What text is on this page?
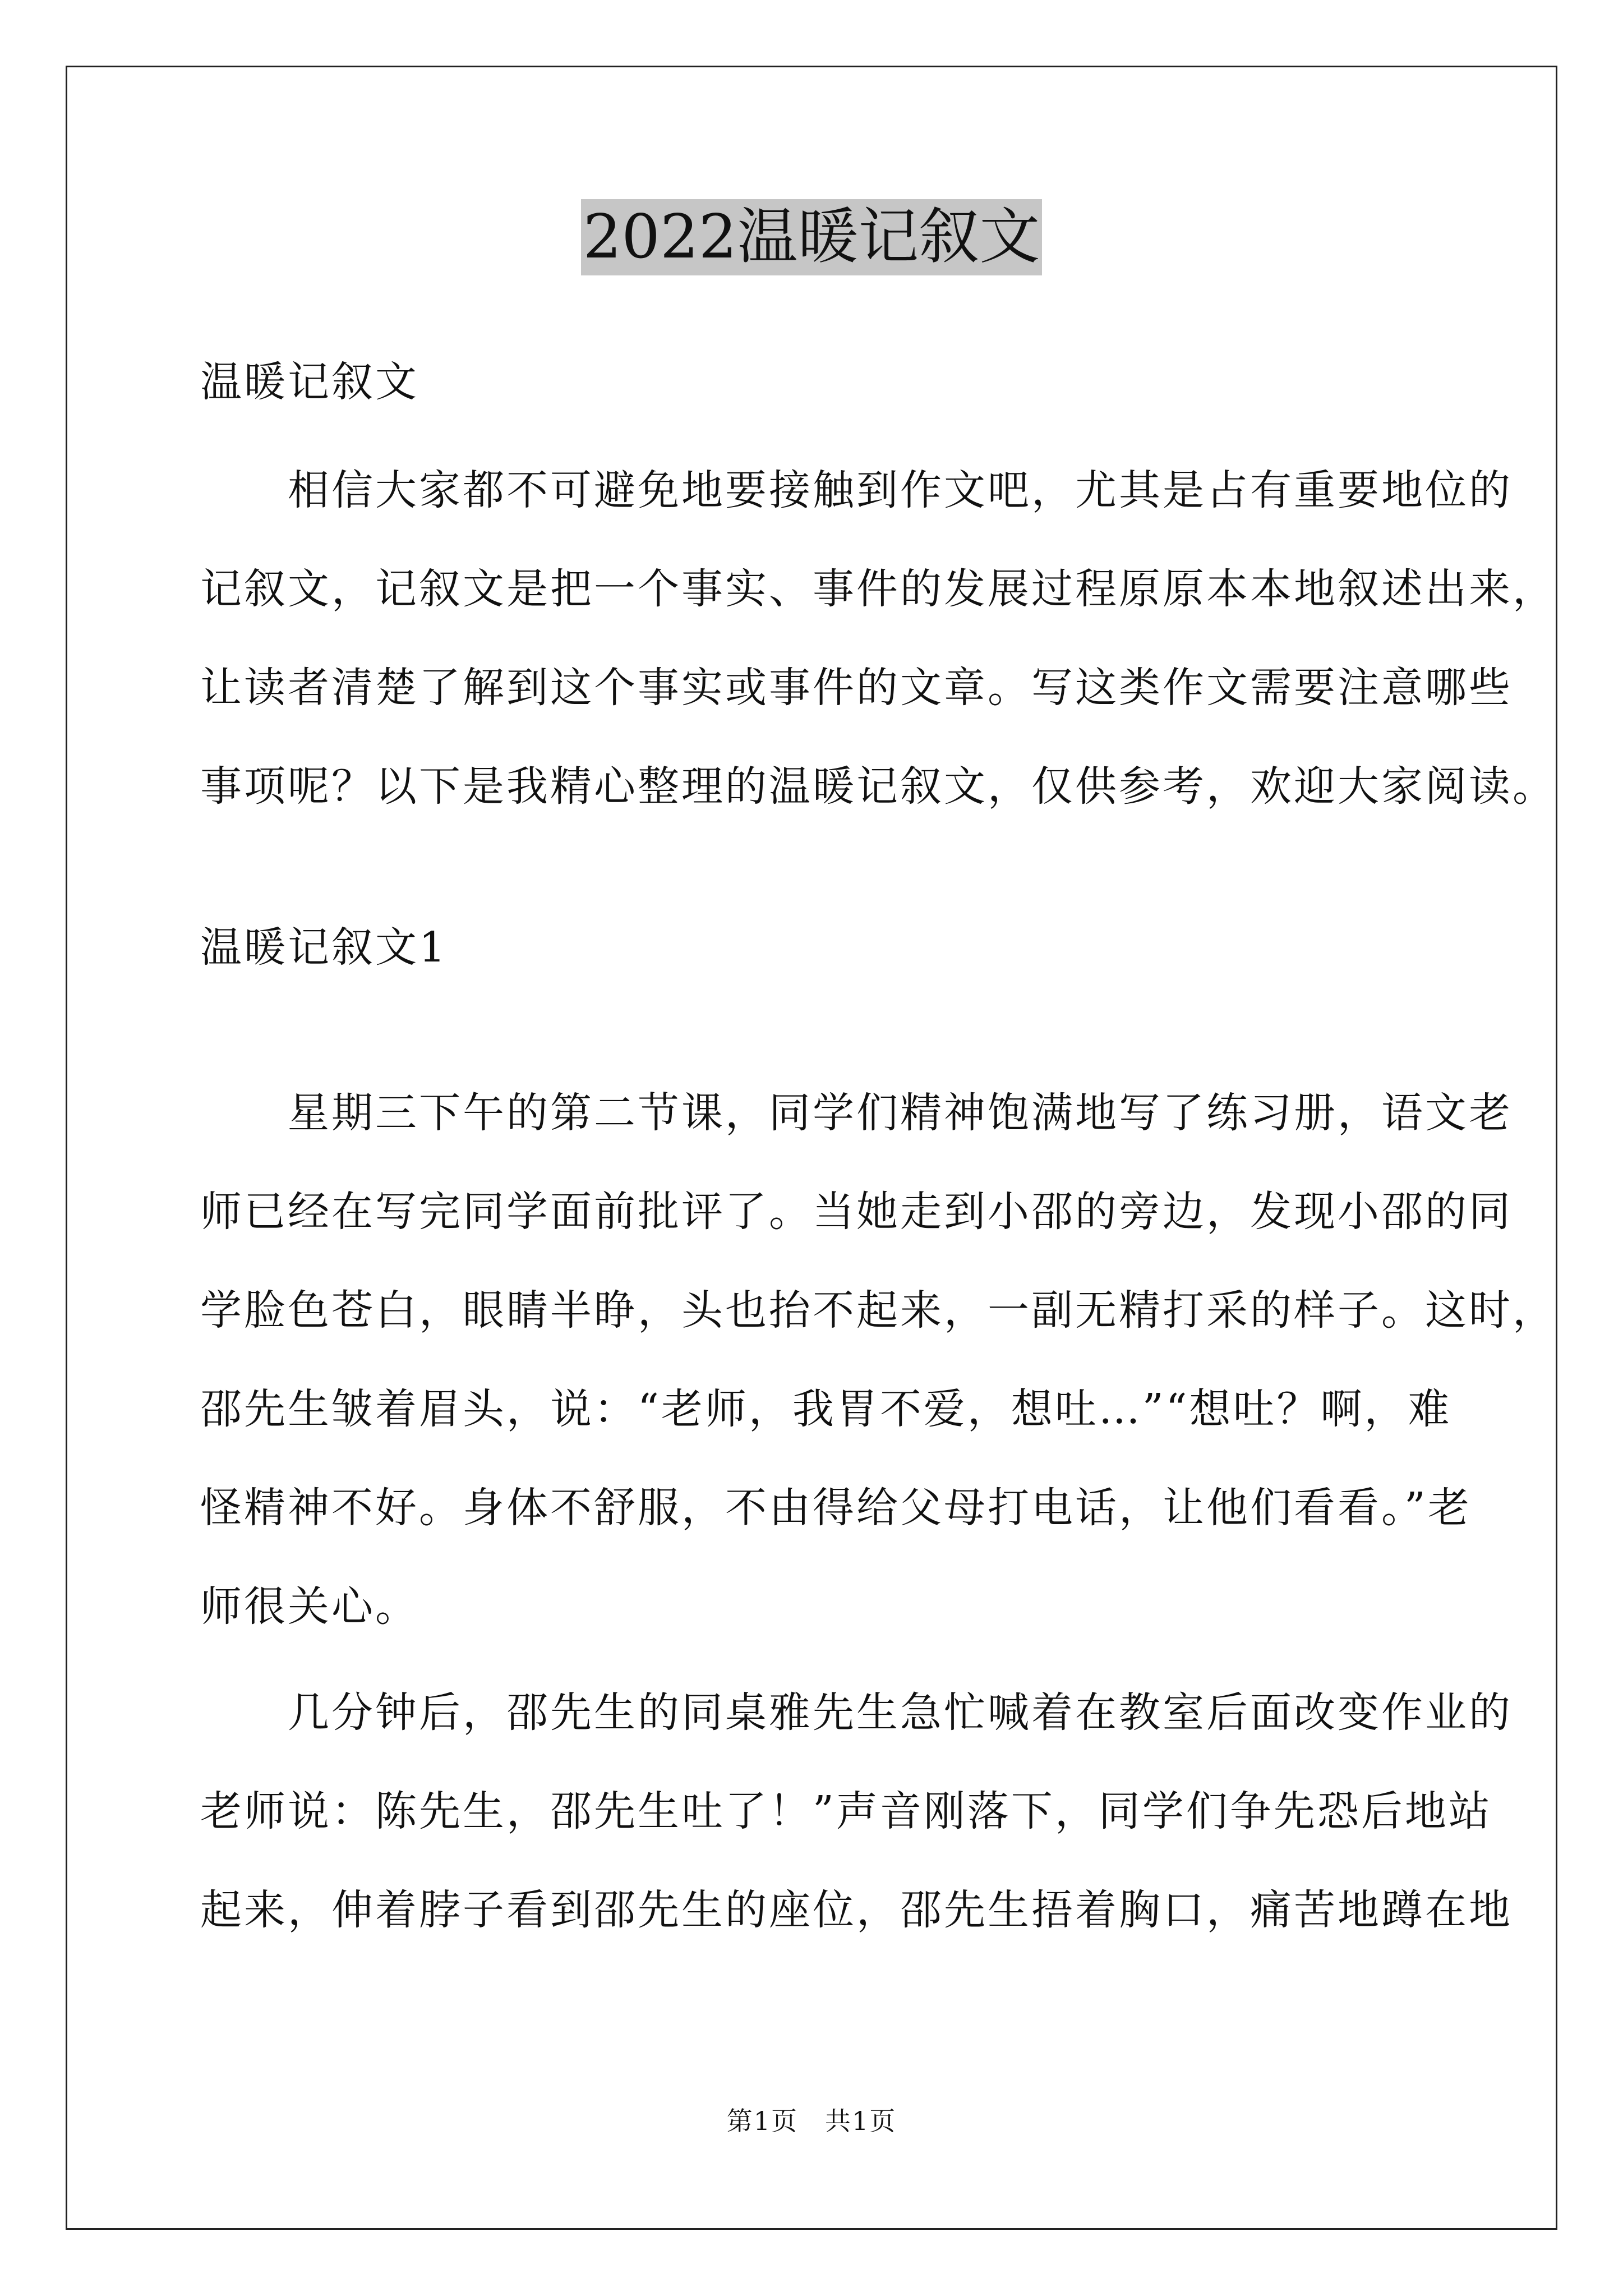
2022温暖记叙文
温暖记叙文
　　相信大家都不可避免地要接触到作文吧，尤其是占有重要地位的
记叙文，记叙文是把一个事实、事件的发展过程原原本本地叙述出来，
让读者清楚了解到这个事实或事件的文章。写这类作文需要注意哪些
事项呢？以下是我精心整理的温暖记叙文，仅供参考，欢迎大家阅读。
温暖记叙文1
　　星期三下午的第二节课，同学们精神饱满地写了练习册，语文老
师已经在写完同学面前批评了。当她走到小邵的旁边，发现小邵的同
学脸色苍白，眼睛半睁，头也抬不起来，一副无精打采的样子。这时，
邵先生皱着眉头，说：“老师，我胃不爱，想吐…”“想吐？啊，难
怪精神不好。身体不舒服，不由得给父母打电话，让他们看看。”老
师很关心。
　　几分钟后，邵先生的同桌雅先生急忙喊着在教室后面改变作业的
老师说：陈先生，邵先生吐了！”声音刚落下，同学们争先恐后地站
起来，伸着脖子看到邵先生的座位，邵先生捂着胸口，痛苦地蹲在地
第1页　共1页
